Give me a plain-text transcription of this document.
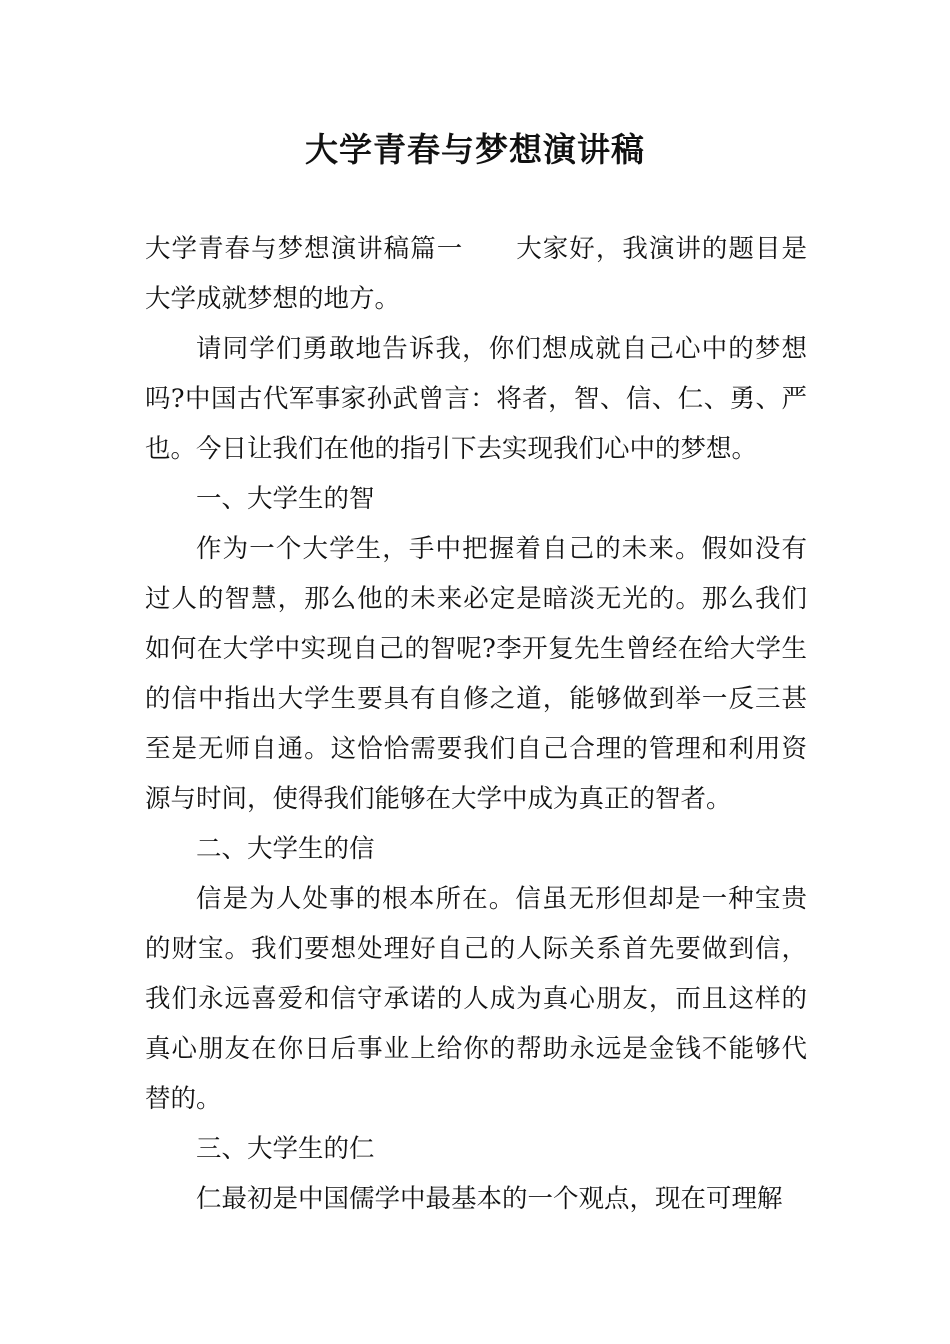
大学青春与梦想演讲稿

大学青春与梦想演讲稿篇一 大家好，我演讲的题目是大学成就梦想的地方。

请同学们勇敢地告诉我，你们想成就自己心中的梦想吗?中国古代军事家孙武曾言：将者，智、信、仁、勇、严也。今日让我们在他的指引下去实现我们心中的梦想。

一、大学生的智

作为一个大学生，手中把握着自己的未来。假如没有过人的智慧，那么他的未来必定是暗淡无光的。那么我们如何在大学中实现自己的智呢?李开复先生曾经在给大学生的信中指出大学生要具有自修之道，能够做到举一反三甚至是无师自通。这恰恰需要我们自己合理的管理和利用资源与时间，使得我们能够在大学中成为真正的智者。

二、大学生的信

信是为人处事的根本所在。信虽无形但却是一种宝贵的财宝。我们要想处理好自己的人际关系首先要做到信，我们永远喜爱和信守承诺的人成为真心朋友，而且这样的真心朋友在你日后事业上给你的帮助永远是金钱不能够代替的。

三、大学生的仁

仁最初是中国儒学中最基本的一个观点，现在可理解
